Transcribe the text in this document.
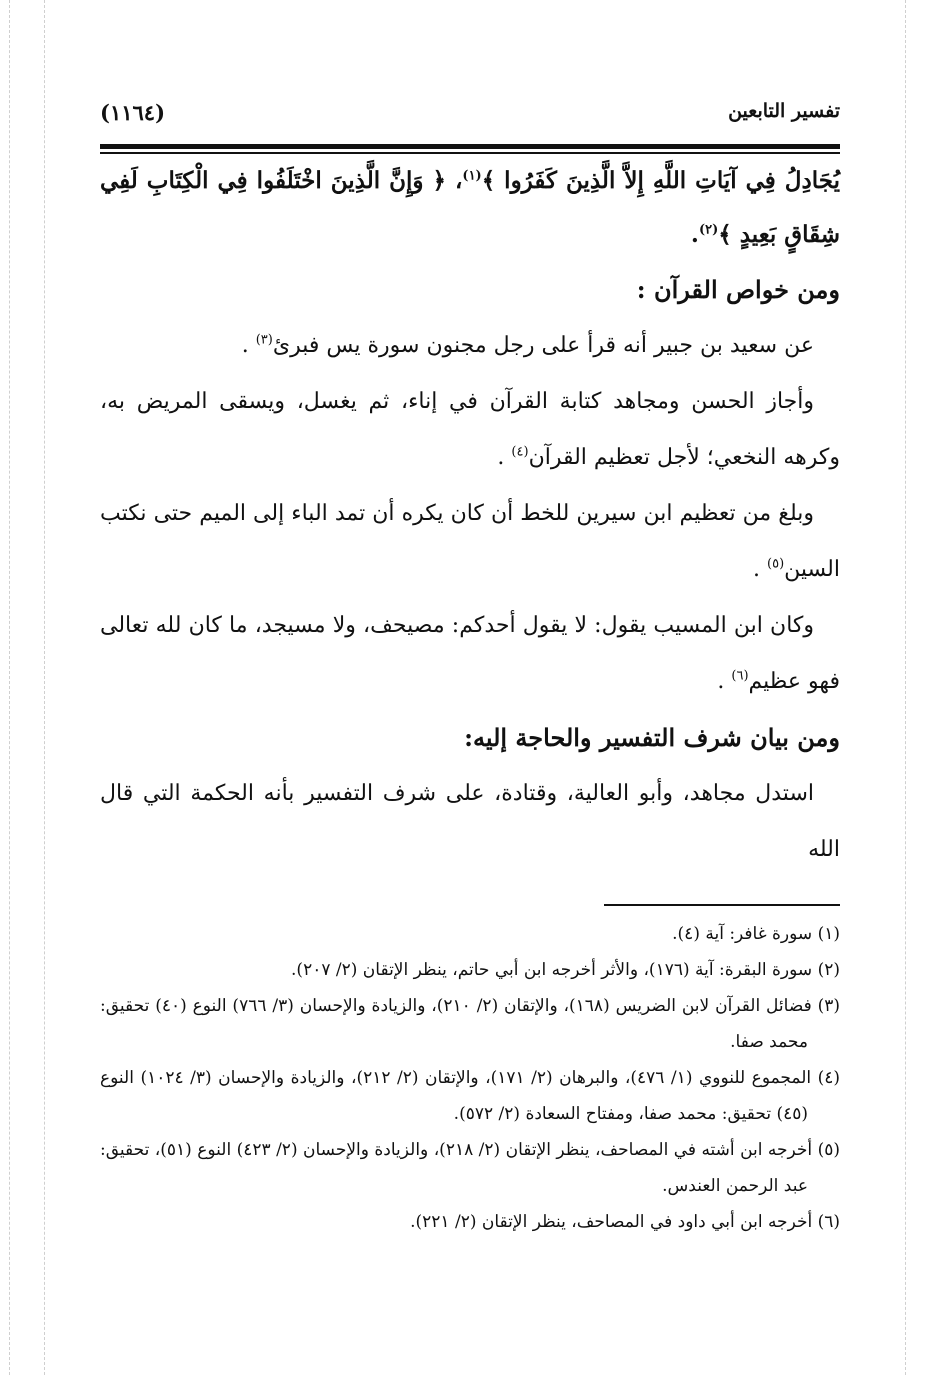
تفسير التابعين
(١١٦٤)

يُجَادِلُ فِي آيَاتِ اللَّهِ إِلاَّ الَّذِينَ كَفَرُوا ﴾$^{(١)}$، ﴿ وَإِنَّ الَّذِينَ اخْتَلَفُوا فِي الْكِتَابِ لَفِي شِقَاقٍ بَعِيدٍ ﴾$^{(٢)}$.

ومن خواص القرآن :

عن سعيد بن جبير أنه قرأ على رجل مجنون سورة يس فبرئ$^{(٣)}$ .

وأجاز الحسن ومجاهد كتابة القرآن في إناء، ثم يغسل، ويسقى المريض به، وكرهه النخعي؛ لأجل تعظيم القرآن$^{(٤)}$ .

وبلغ من تعظيم ابن سيرين للخط أن كان يكره أن تمد الباء إلى الميم حتى نكتب السين$^{(٥)}$ .

وكان ابن المسيب يقول: لا يقول أحدكم: مصيحف، ولا مسيجد، ما كان لله تعالى فهو عظيم$^{(٦)}$ .

ومن بيان شرف التفسير والحاجة إليه:

استدل مجاهد، وأبو العالية، وقتادة، على شرف التفسير بأنه الحكمة التي قال الله

(١) سورة غافر: آية (٤).
(٢) سورة البقرة: آية (١٧٦)، والأثر أخرجه ابن أبي حاتم، ينظر الإتقان (٢/ ٢٠٧).
(٣) فضائل القرآن لابن الضريس (١٦٨)، والإتقان (٢/ ٢١٠)، والزيادة والإحسان (٣/ ٧٦٦) النوع (٤٠) تحقيق: محمد صفا.
(٤) المجموع للنووي (١/ ٤٧٦)، والبرهان (٢/ ١٧١)، والإتقان (٢/ ٢١٢)، والزيادة والإحسان (٣/ ١٠٢٤) النوع (٤٥) تحقيق: محمد صفا، ومفتاح السعادة (٢/ ٥٧٢).
(٥) أخرجه ابن أشته في المصاحف، ينظر الإتقان (٢/ ٢١٨)، والزيادة والإحسان (٢/ ٤٢٣) النوع (٥١)، تحقيق: عبد الرحمن العندس.
(٦) أخرجه ابن أبي داود في المصاحف، ينظر الإتقان (٢/ ٢٢١).
